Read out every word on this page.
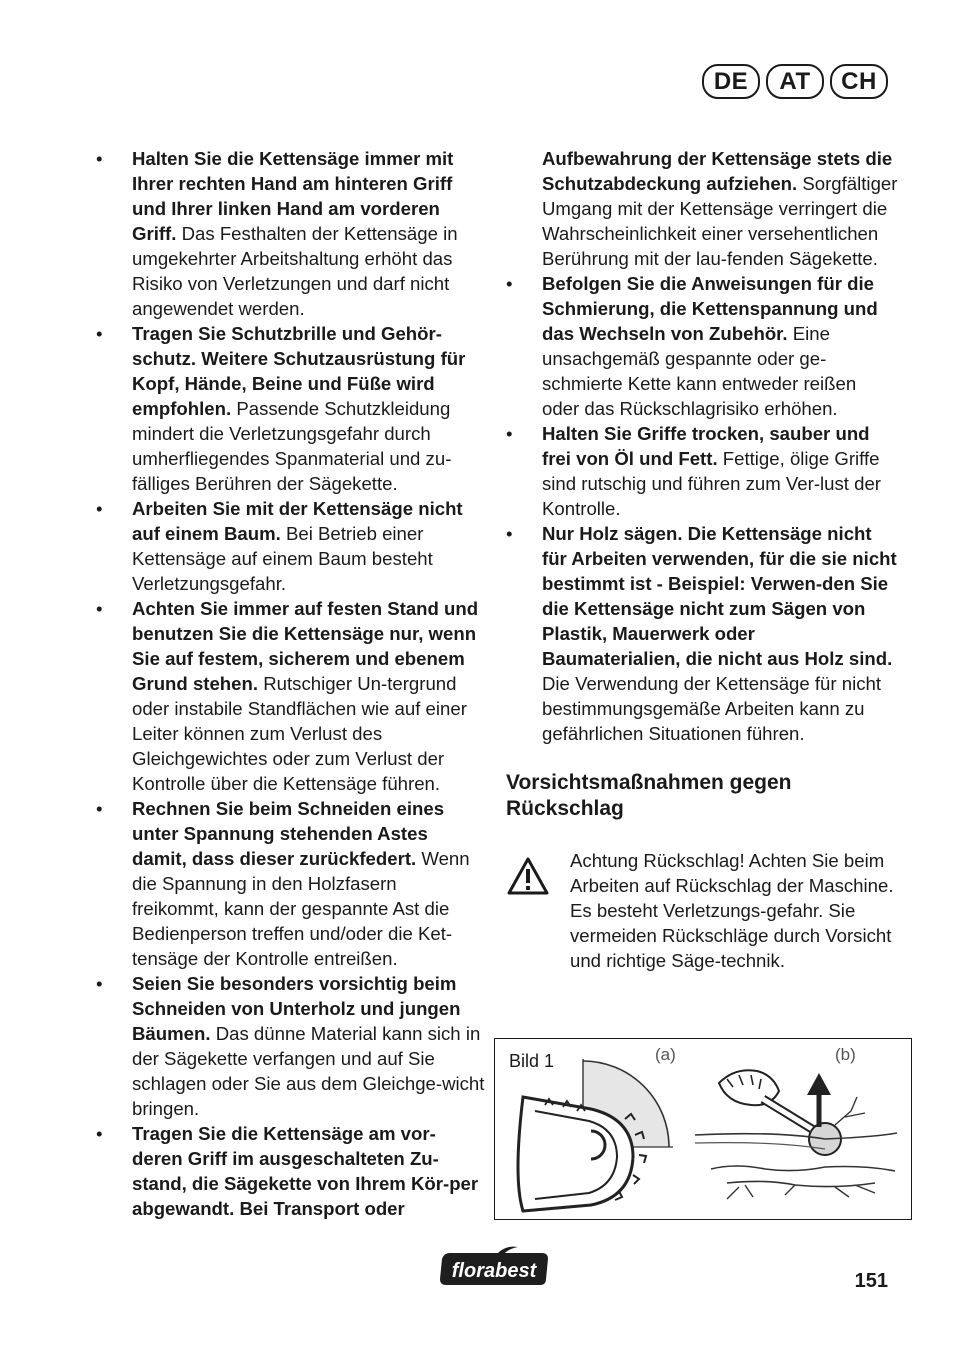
DE	AT	CH
• Halten Sie die Kettensäge immer mit Ihrer rechten Hand am hinteren Griff und Ihrer linken Hand am vorderen Griff. Das Festhalten der Kettensäge in umgekehrter Arbeitshaltung erhöht das Risiko von Verletzungen und darf nicht angewendet werden.
• Tragen Sie Schutzbrille und Gehör-schutz. Weitere Schutzausrüstung für Kopf, Hände, Beine und Füße wird empfohlen. Passende Schutzkleidung mindert die Verletzungsgefahr durch umherfliegendes Spanmaterial und zu-fälliges Berühren der Sägekette.
• Arbeiten Sie mit der Kettensäge nicht auf einem Baum. Bei Betrieb einer Kettensäge auf einem Baum besteht Verletzungsgefahr.
• Achten Sie immer auf festen Stand und benutzen Sie die Kettensäge nur, wenn Sie auf festem, sicherem und ebenem Grund stehen. Rutschiger Un-tergrund oder instabile Standflächen wie auf einer Leiter können zum Verlust des Gleichgewichtes oder zum Verlust der Kontrolle über die Kettensäge führen.
• Rechnen Sie beim Schneiden eines unter Spannung stehenden Astes damit, dass dieser zurückfedert. Wenn die Spannung in den Holzfasern freikommt, kann der gespannte Ast die Bedienperson treffen und/oder die Ket-tensäge der Kontrolle entreißen.
• Seien Sie besonders vorsichtig beim Schneiden von Unterholz und jungen Bäumen. Das dünne Material kann sich in der Sägekette verfangen und auf Sie schlagen oder Sie aus dem Gleichge-wicht bringen.
• Tragen Sie die Kettensäge am vor-deren Griff im ausgeschalteten Zu-stand, die Sägekette von Ihrem Kör-per abgewandt. Bei Transport oder
Aufbewahrung der Kettensäge stets die Schutzabdeckung aufziehen. Sorgfältiger Umgang mit der Kettensäge verringert die Wahrscheinlichkeit einer versehentlichen Berührung mit der lau-fenden Sägekette.
• Befolgen Sie die Anweisungen für die Schmierung, die Kettenspannung und das Wechseln von Zubehör. Eine unsachgemäß gespannte oder ge-schmierte Kette kann entweder reißen oder das Rückschlagrisiko erhöhen.
• Halten Sie Griffe trocken, sauber und frei von Öl und Fett. Fettige, ölige Griffe sind rutschig und führen zum Ver-lust der Kontrolle.
• Nur Holz sägen. Die Kettensäge nicht für Arbeiten verwenden, für die sie nicht bestimmt ist - Beispiel: Verwen-den Sie die Kettensäge nicht zum Sägen von Plastik, Mauerwerk oder Baumaterialien, die nicht aus Holz sind. Die Verwendung der Kettensäge für nicht bestimmungsgemäße Arbeiten kann zu gefährlichen Situationen führen.
Vorsichtsmaßnahmen gegen Rückschlag
Achtung Rückschlag! Achten Sie beim Arbeiten auf Rückschlag der Maschine. Es besteht Verletzungs-gefahr. Sie vermeiden Rückschläge durch Vorsicht und richtige Säge-technik.
Bild 1	(a)	(b)
florabest	151
